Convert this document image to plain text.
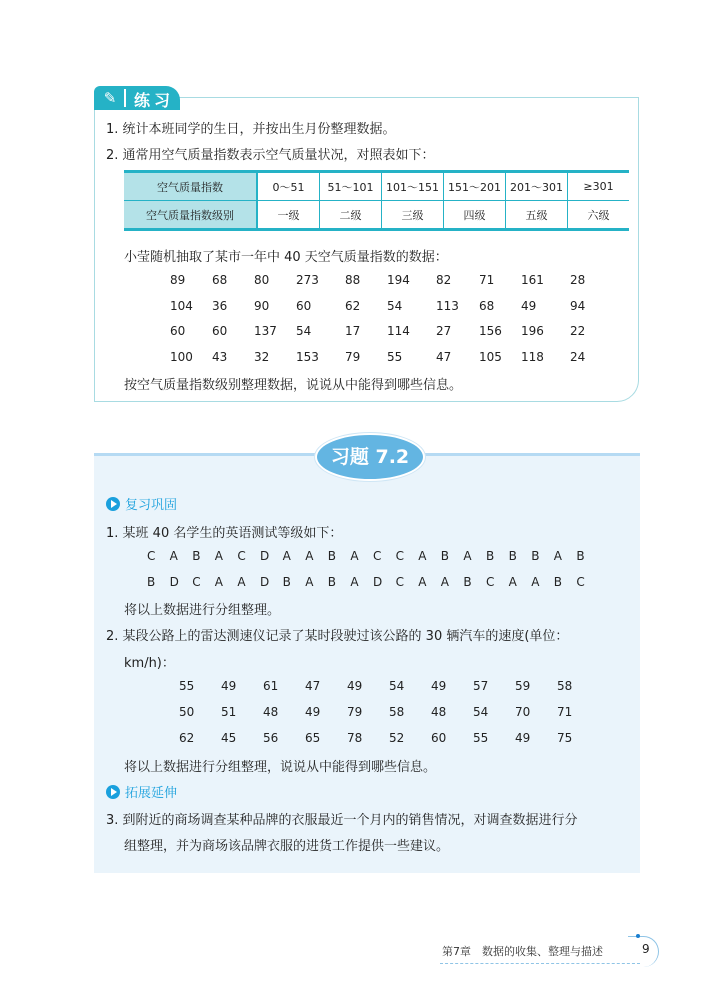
✎ 练习
1. 统计本班同学的生日，并按出生月份整理数据。
2. 通常用空气质量指数表示空气质量状况，对照表如下：
空气质量指数	0～51	51～101	101～151	151～201	201～301	≥301
空气质量指数级别	一级	二级	三级	四级	五级	六级
小莹随机抽取了某市一年中 40 天空气质量指数的数据：
89 68 80 273 88 194 82 71 161 28
104 36 90 60	62 54	113 68 49	94
60 60 137 54	17 114 27 156 196 22
100 43 32 153 79 55	47 105 118 24
按空气质量指数级别整理数据，说说从中能得到哪些信息。
习题 7.2
复习巩固
1. 某班 40 名学生的英语测试等级如下：
C A B A C D A A B A C C A B A B B B A B
B D C A A D B A B A D C A A B C A A B C
将以上数据进行分组整理。
2. 某段公路上的雷达测速仪记录了某时段驶过该公路的 30 辆汽车的速度(单位：
km/h)：
55 49 61 47 49 54 49 57 59 58
50 51 48 49 79 58 48 54 70 71
62 45 56 65 78 52 60 55 49 75
将以上数据进行分组整理，说说从中能得到哪些信息。
拓展延伸
3. 到附近的商场调查某种品牌的衣服最近一个月内的销售情况，对调查数据进行分
组整理，并为商场该品牌衣服的进货工作提供一些建议。
第7章　数据的收集、整理与描述	9
